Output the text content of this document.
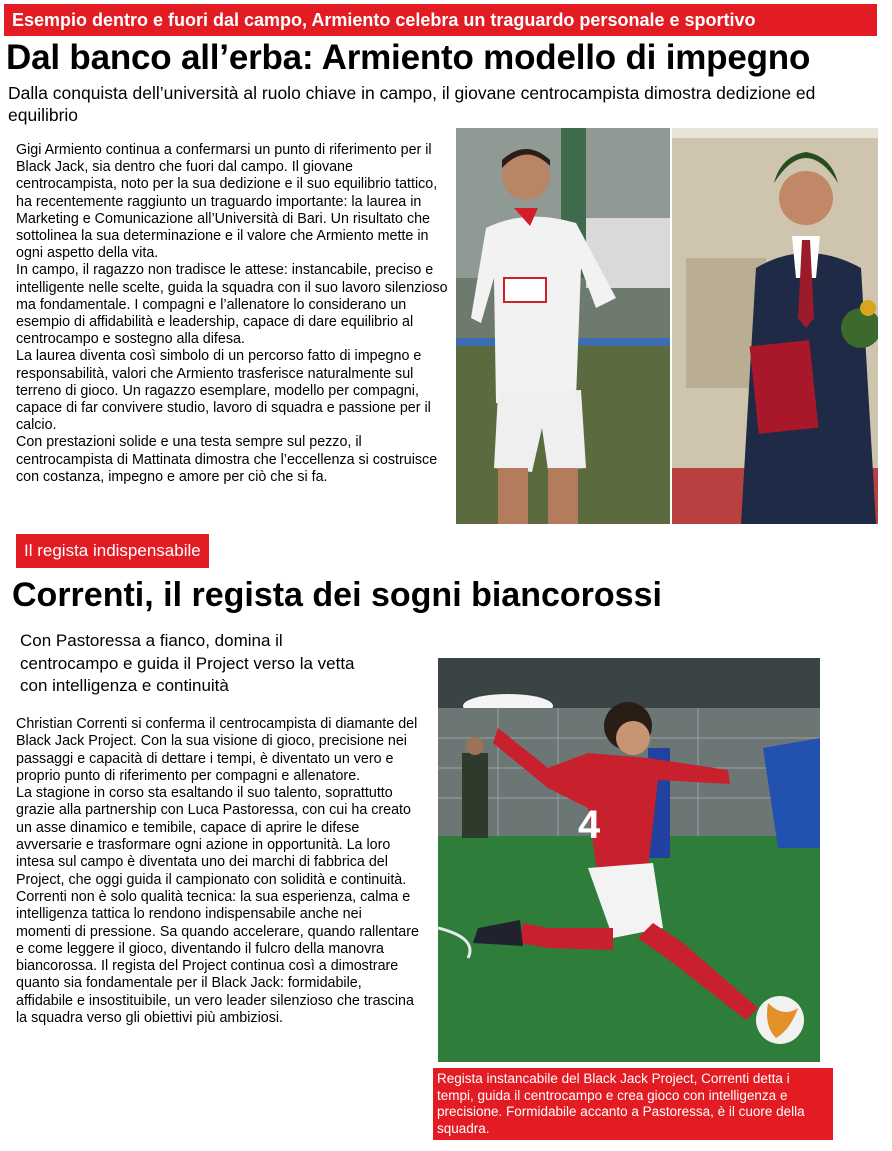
Esempio dentro e fuori dal campo, Armiento celebra un traguardo personale e sportivo
Dal banco all’erba: Armiento modello di impegno
Dalla conquista dell’università al ruolo chiave in campo, il giovane centrocampista dimostra dedizione ed equilibrio

Gigi Armiento continua a confermarsi un punto di riferimento per il Black Jack, sia dentro che fuori dal campo. Il giovane centrocampista, noto per la sua dedizione e il suo equilibrio tattico, ha recentemente raggiunto un traguardo importante: la laurea in Marketing e Comunicazione all’Università di Bari. Un risultato che sottolinea la sua determinazione e il valore che Armiento mette in ogni aspetto della vita.

In campo, il ragazzo non tradisce le attese: instancabile, preciso e intelligente nelle scelte, guida la squadra con il suo lavoro silenzioso ma fondamentale. I compagni e l’allenatore lo considerano un esempio di affidabilità e leadership, capace di dare equilibrio al centrocampo e sostegno alla difesa.

La laurea diventa così simbolo di un percorso fatto di impegno e responsabilità, valori che Armiento trasferisce naturalmente sul terreno di gioco. Un ragazzo esemplare, modello per compagni, capace di far convivere studio, lavoro di squadra e passione per il calcio.

Con prestazioni solide e una testa sempre sul pezzo, il centrocampista di Mattinata dimostra che l’eccellenza si costruisce con costanza, impegno e amore per ciò che si fa.

Il regista indispensabile
Correnti, il regista dei sogni biancorossi
Con Pastoressa a fianco, domina il centrocampo e guida il Project verso la vetta con intelligenza e continuità

Christian Correnti si conferma il centrocampista di diamante del Black Jack Project. Con la sua visione di gioco, precisione nei passaggi e capacità di dettare i tempi, è diventato un vero e proprio punto di riferimento per compagni e allenatore.

La stagione in corso sta esaltando il suo talento, soprattutto grazie alla partnership con Luca Pastoressa, con cui ha creato un asse dinamico e temibile, capace di aprire le difese avversarie e trasformare ogni azione in opportunità. La loro intesa sul campo è diventata uno dei marchi di fabbrica del Project, che oggi guida il campionato con solidità e continuità.

Correnti non è solo qualità tecnica: la sua esperienza, calma e intelligenza tattica lo rendono indispensabile anche nei momenti di pressione. Sa quando accelerare, quando rallentare e come leggere il gioco, diventando il fulcro della manovra biancorossa. Il regista del Project continua così a dimostrare quanto sia fondamentale per il Black Jack: formidabile, affidabile e insostituibile, un vero leader silenzioso che trascina la squadra verso gli obiettivi più ambiziosi.

4
Regista instancabile del Black Jack Project, Correnti detta i tempi, guida il centrocampo e crea gioco con intelligenza e precisione. Formidabile accanto a Pastoressa, è il cuore della squadra.
